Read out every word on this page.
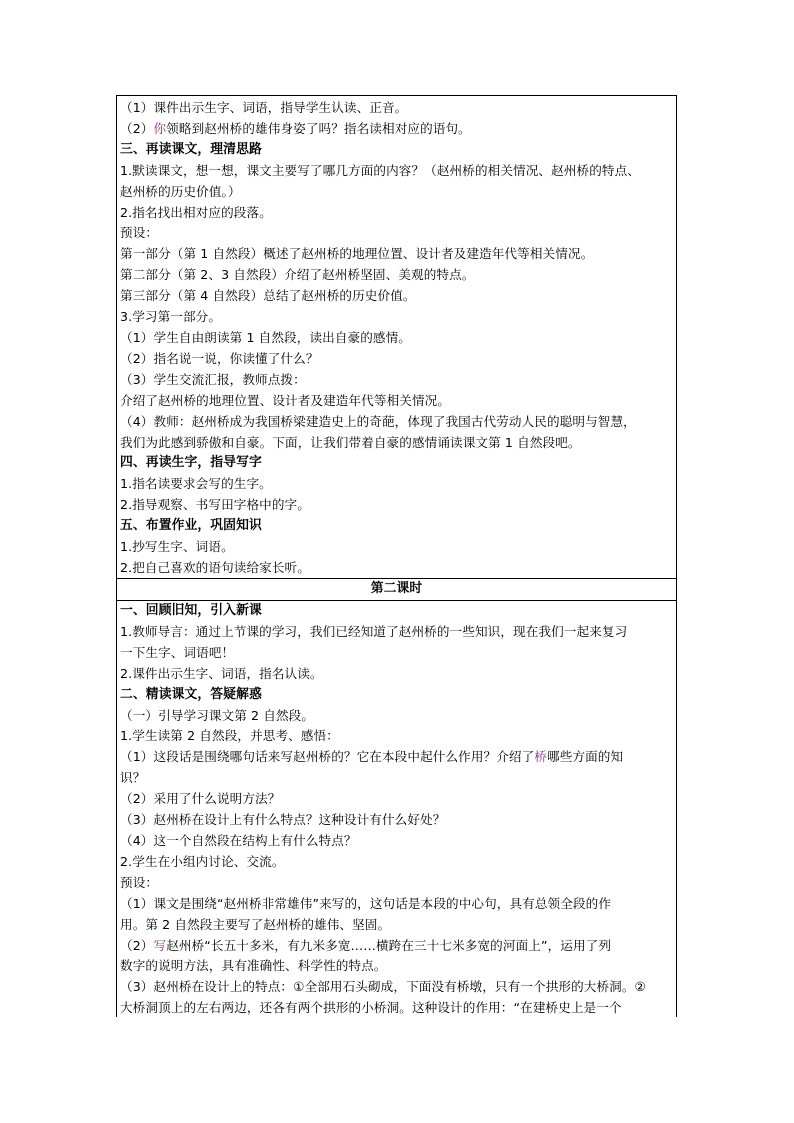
（1）课件出示生字、词语，指导学生认读、正音。
（2）你领略到赵州桥的雄伟身姿了吗？指名读相对应的语句。
三、再读课文，理清思路
1.默读课文，想一想，课文主要写了哪几方面的内容？（赵州桥的相关情况、赵州桥的特点、
赵州桥的历史价值。）
2.指名找出相对应的段落。
预设：
第一部分（第 1 自然段）概述了赵州桥的地理位置、设计者及建造年代等相关情况。
第二部分（第 2、3 自然段）介绍了赵州桥坚固、美观的特点。
第三部分（第 4 自然段）总结了赵州桥的历史价值。
3.学习第一部分。
（1）学生自由朗读第 1 自然段，读出自豪的感情。
（2）指名说一说，你读懂了什么？
（3）学生交流汇报，教师点拨：
介绍了赵州桥的地理位置、设计者及建造年代等相关情况。
（4）教师：赵州桥成为我国桥梁建造史上的奇葩，体现了我国古代劳动人民的聪明与智慧，
我们为此感到骄傲和自豪。下面，让我们带着自豪的感情诵读课文第 1 自然段吧。
四、再读生字，指导写字
1.指名读要求会写的生字。
2.指导观察、书写田字格中的字。
五、布置作业，巩固知识
1.抄写生字、词语。
2.把自己喜欢的语句读给家长听。
第二课时
一、回顾旧知，引入新课
1.教师导言：通过上节课的学习，我们已经知道了赵州桥的一些知识，现在我们一起来复习
一下生字、词语吧！
2.课件出示生字、词语，指名认读。
二、精读课文，答疑解惑
（一）引导学习课文第 2 自然段。
1.学生读第 2 自然段，并思考、感悟：
（1）这段话是围绕哪句话来写赵州桥的？它在本段中起什么作用？介绍了桥哪些方面的知
识？
（2）采用了什么说明方法？
（3）赵州桥在设计上有什么特点？这种设计有什么好处？
（4）这一个自然段在结构上有什么特点？
2.学生在小组内讨论、交流。
预设：
（1）课文是围绕“赵州桥非常雄伟”来写的，这句话是本段的中心句，具有总领全段的作
用。第 2 自然段主要写了赵州桥的雄伟、坚固。
（2）写赵州桥“长五十多米，有九米多宽……横跨在三十七米多宽的河面上”，运用了列
数字的说明方法，具有准确性、科学性的特点。
（3）赵州桥在设计上的特点：①全部用石头砌成，下面没有桥墩，只有一个拱形的大桥洞。②
大桥洞顶上的左右两边，还各有两个拱形的小桥洞。这种设计的作用：“在建桥史上是一个
